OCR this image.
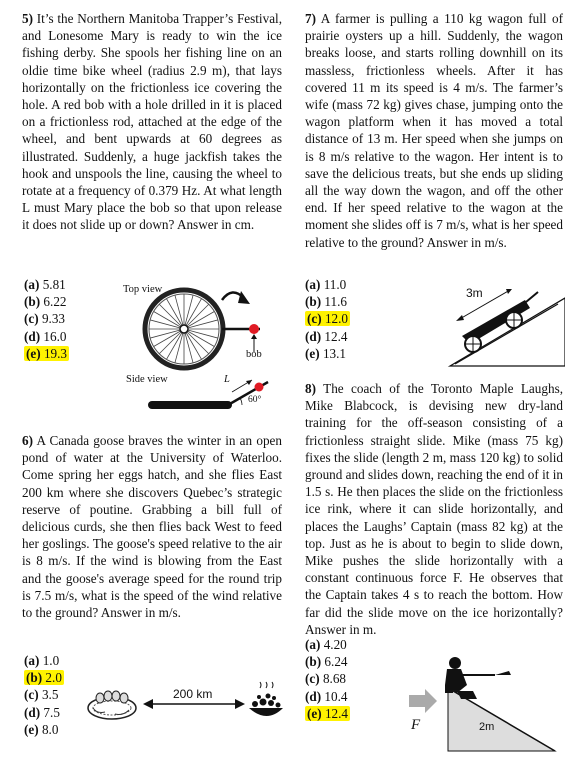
5) It’s the Northern Manitoba Trapper’s Festival, and Lonesome Mary is ready to win the ice fishing derby. She spools her fishing line on an oldie time bike wheel (radius 2.9 m), that lays horizontally on the frictionless ice covering the hole. A red bob with a hole drilled in it is placed on a frictionless rod, attached at the edge of the wheel, and bent upwards at 60 degrees as illustrated. Suddenly, a huge jackfish takes the hook and unspools the line, causing the wheel to rotate at a frequency of 0.379 Hz. At what length L must Mary place the bob so that upon release it does not slide up or down? Answer in cm.

(a) 5.81
(b) 6.22
(c) 9.33
(d) 16.0
(e) 19.3
Top view
bob
Side view	L
60°

6) A Canada goose braves the winter in an open pond of water at the University of Waterloo. Come spring her eggs hatch, and she flies East 200 km where she discovers Quebec’s strategic reserve of poutine. Grabbing a bill full of delicious curds, she then flies back West to feed her goslings. The goose's speed relative to the air is 8 m/s. If the wind is blowing from the East and the goose's average speed for the round trip is 7.5 m/s, what is the speed of the wind relative to the ground? Answer in m/s.

(a) 1.0
(b) 2.0
(c) 3.5
(d) 7.5
(e) 8.0
200 km

7) A farmer is pulling a 110 kg wagon full of prairie oysters up a hill. Suddenly, the wagon breaks loose, and starts rolling downhill on its massless, frictionless wheels. After it has covered 11 m its speed is 4 m/s. The farmer’s wife (mass 72 kg) gives chase, jumping onto the wagon platform when it has moved a total distance of 13 m. Her speed when she jumps on is 8 m/s relative to the wagon. Her intent is to save the delicious treats, but she ends up sliding all the way down the wagon, and off the other end. If her speed relative to the wagon at the moment she slides off is 7 m/s, what is her speed relative to the ground? Answer in m/s.

(a) 11.0
(b) 11.6
(c) 12.0
(d) 12.4
(e) 13.1
3m

8) The coach of the Toronto Maple Laughs, Mike Blabcock, is devising new dry-land training for the off-season consisting of a frictionless straight slide. Mike (mass 75 kg) fixes the slide (length 2 m, mass 120 kg) to solid ground and slides down, reaching the end of it in 1.5 s. He then places the slide on the frictionless ice rink, where it can slide horizontally, and places the Laughs’ Captain (mass 82 kg) at the top. Just as he is about to begin to slide down, Mike pushes the slide horizontally with a constant continuous force F. He observes that the Captain takes 4 s to reach the bottom. How far did the slide move on the ice horizontally? Answer in m.

(a) 4.20
(b) 6.24
(c) 8.68
(d) 10.4
(e) 12.4
F	2m
